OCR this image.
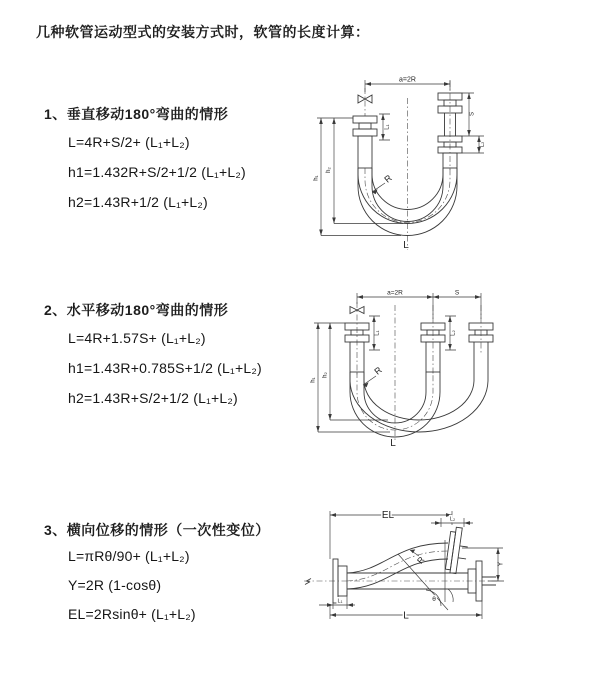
几种软管运动型式的安装方式时，软管的长度计算：
1、垂直移动180°弯曲的情形
L=4R+S/2+ (L₁+L₂)
h1=1.432R+S/2+1/2 (L₁+L₂)
h2=1.43R+1/2 (L₁+L₂)
2、水平移动180°弯曲的情形
L=4R+1.57S+ (L₁+L₂)
h1=1.43R+0.785S+1/2 (L₁+L₂)
h2=1.43R+S/2+1/2 (L₁+L₂)
3、横向位移的情形（一次性变位）
L=πRθ/90+ (L₁+L₂)
Y=2R (1-cosθ)
EL=2Rsinθ+ (L₁+L₂)
a=2R
L₁
S
L₂
h₁
h₂
R
L
a=2R	S
L₁	L₂
h₁
h₂	R
L
θ
R
EL	L₂
Y
L
L₁
